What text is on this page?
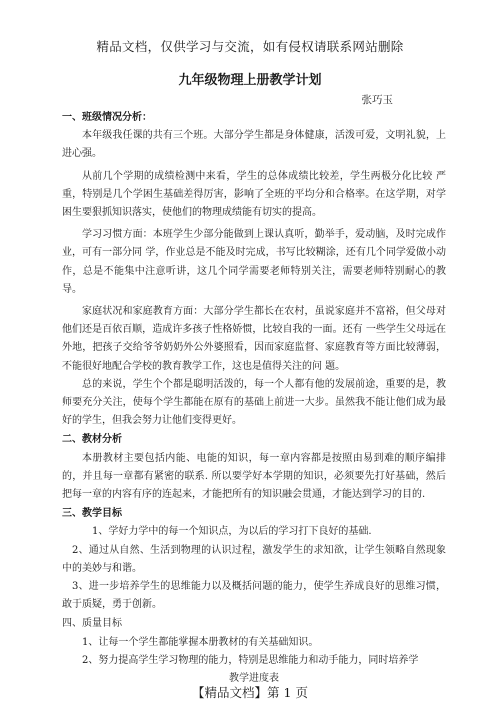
精品文档，仅供学习与交流，如有侵权请联系网站删除
九年级物理上册教学计划
张巧玉

一、班级情况分析：

本年级我任课的共有三个班。大部分学生都是身体健康，活泼可爱，文明礼貌，上进心强。

从前几个学期的成绩检测中来看，学生的总体成绩比较差，学生两极分化比较 严重，特别是几个学困生基础差得厉害，影响了全班的平均分和合格率。在这学期，对学困生要狠抓知识落实，使他们的物理成绩能有切实的提高。

学习习惯方面：本班学生少部分能做到上课认真听，勤举手，爱动脑，及时完成作业，可有一部分同 学，作业总是不能及时完成，书写比较糊涂，还有几个同学爱做小动作，总是不能集中注意听讲，这几个同学需要老师特别关注，需要老师特别耐心的教导。

家庭状况和家庭教育方面：大部分学生都长在农村，虽说家庭并不富裕，但父母对他们还是百依百顺，造成许多孩子性格娇惯，比较自我的一面。还有 一些学生父母远在外地，把孩子交给爷爷奶奶外公外婆照看，因而家庭监督、家庭教育等方面比较薄弱，不能很好地配合学校的教育教学工作，这也是值得关注的问 题。

总的来说，学生个个都是聪明活泼的，每一个人都有他的发展前途，重要的是，教师要充分关注，使每个学生都能在原有的基础上前进一大步。虽然我不能让他们成为最好的学生，但我会努力让他们变得更好。

二、教材分析

本册教材主要包括内能、电能的知识，每一章内容都是按照由易到难的顺序编排的，并且每一章都有紧密的联系. 所以要学好本学期的知识，必须要先打好基础，然后把每一章的内容有序的连起来，才能把所有的知识融会贯通，才能达到学习的目的.

三、教学目标

1、学好力学中的每一个知识点，为以后的学习打下良好的基础.

2、通过从自然、生活到物理的认识过程，激发学生的求知欲，让学生领略自然现象中的美妙与和谐。

3、进一步培养学生的思维能力以及概括问题的能力，使学生养成良好的思维习惯，敢于质疑，勇于创新。

四、质量目标

1、让每一个学生都能掌握本册教材的有关基础知识。

2、努力提高学生学习物理的能力，特别是思维能力和动手能力，同时培养学

教学进度表

【精品文档】第 1 页
